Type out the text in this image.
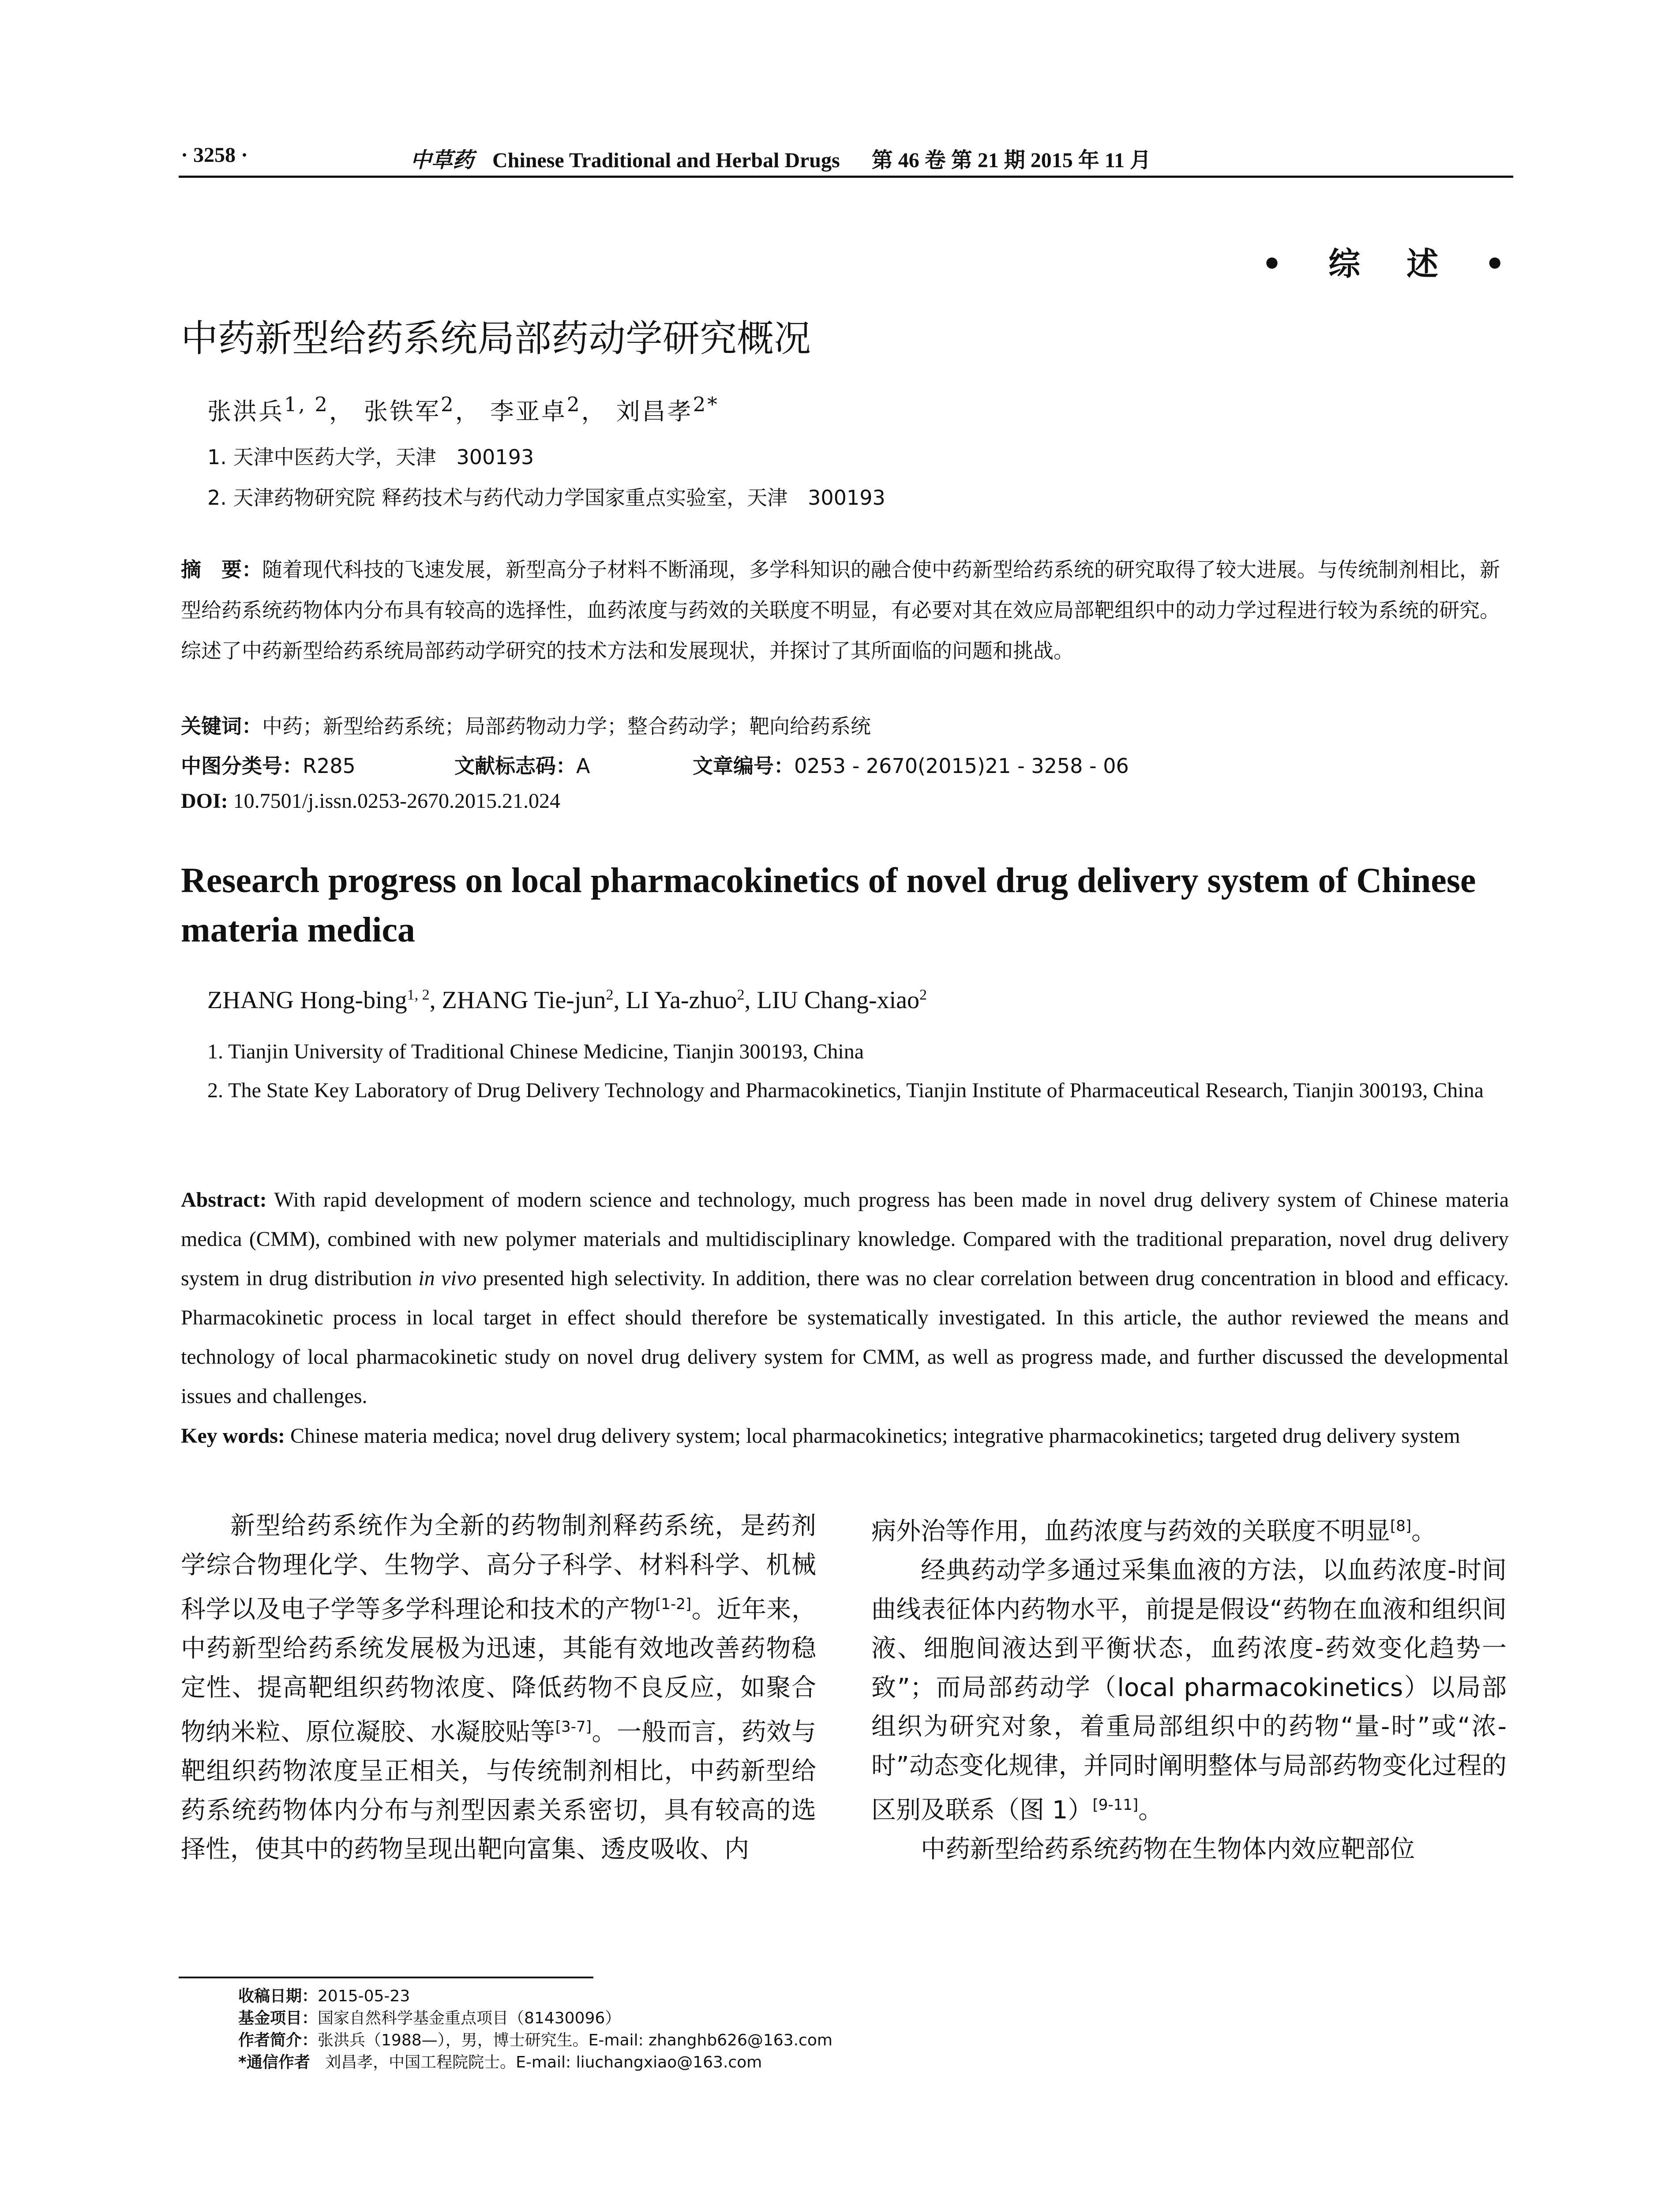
· 3258 ·	中草药 Chinese Traditional and Herbal Drugs 第 46 卷 第 21 期 2015 年 11 月
• 综 述 •
中药新型给药系统局部药动学研究概况
张洪兵$^{1, 2}$， 张铁军$^2$， 李亚卓$^2$， 刘昌孝$^{2*}$
1. 天津中医药大学，天津　300193
2. 天津药物研究院 释药技术与药代动力学国家重点实验室，天津　300193
摘　要：随着现代科技的飞速发展，新型高分子材料不断涌现，多学科知识的融合使中药新型给药系统的研究取得了较大进展。与传统制剂相比，新型给药系统药物体内分布具有较高的选择性，血药浓度与药效的关联度不明显，有必要对其在效应局部靶组织中的动力学过程进行较为系统的研究。综述了中药新型给药系统局部药动学研究的技术方法和发展现状，并探讨了其所面临的问题和挑战。
关键词：中药；新型给药系统；局部药物动力学；整合药动学；靶向给药系统
中图分类号：R285	文献标志码：A	文章编号：0253 - 2670(2015)21 - 3258 - 06
DOI: 10.7501/j.issn.0253-2670.2015.21.024
Research progress on local pharmacokinetics of novel drug delivery system of Chinese materia medica
ZHANG Hong-bing$^{1, 2}$, ZHANG Tie-jun$^2$, LI Ya-zhuo$^2$, LIU Chang-xiao$^2$
1. Tianjin University of Traditional Chinese Medicine, Tianjin 300193, China
2. The State Key Laboratory of Drug Delivery Technology and Pharmacokinetics, Tianjin Institute of Pharmaceutical Research, Tianjin 300193, China
Abstract: With rapid development of modern science and technology, much progress has been made in novel drug delivery system of Chinese materia medica (CMM), combined with new polymer materials and multidisciplinary knowledge. Compared with the traditional preparation, novel drug delivery system in drug distribution in vivo presented high selectivity. In addition, there was no clear correlation between drug concentration in blood and efficacy. Pharmacokinetic process in local target in effect should therefore be systematically investigated. In this article, the author reviewed the means and technology of local pharmacokinetic study on novel drug delivery system for CMM, as well as progress made, and further discussed the developmental issues and challenges.
Key words: Chinese materia medica; novel drug delivery system; local pharmacokinetics; integrative pharmacokinetics; targeted drug delivery system

新型给药系统作为全新的药物制剂释药系统，是药剂学综合物理化学、生物学、高分子科学、材料科学、机械科学以及电子学等多学科理论和技术的产物[1-2]。近年来，中药新型给药系统发展极为迅速，其能有效地改善药物稳定性、提高靶组织药物浓度、降低药物不良反应，如聚合物纳米粒、原位凝胶、水凝胶贴等[3-7]。一般而言，药效与靶组织药物浓度呈正相关，与传统制剂相比，中药新型给药系统药物体内分布与剂型因素关系密切，具有较高的选择性，使其中的药物呈现出靶向富集、透皮吸收、内

病外治等作用，血药浓度与药效的关联度不明显[8]。

经典药动学多通过采集血液的方法，以血药浓度-时间曲线表征体内药物水平，前提是假设“药物在血液和组织间液、细胞间液达到平衡状态，血药浓度-药效变化趋势一致”；而局部药动学（local pharmacokinetics）以局部组织为研究对象，着重局部组织中的药物“量-时”或“浓-时”动态变化规律，并同时阐明整体与局部药物变化过程的区别及联系（图 1）[9-11]。

中药新型给药系统药物在生物体内效应靶部位

收稿日期：2015-05-23
基金项目：国家自然科学基金重点项目（81430096）
作者简介：张洪兵（1988—），男，博士研究生。E-mail: zhanghb626@163.com
*通信作者 刘昌孝，中国工程院院士。E-mail: liuchangxiao@163.com
